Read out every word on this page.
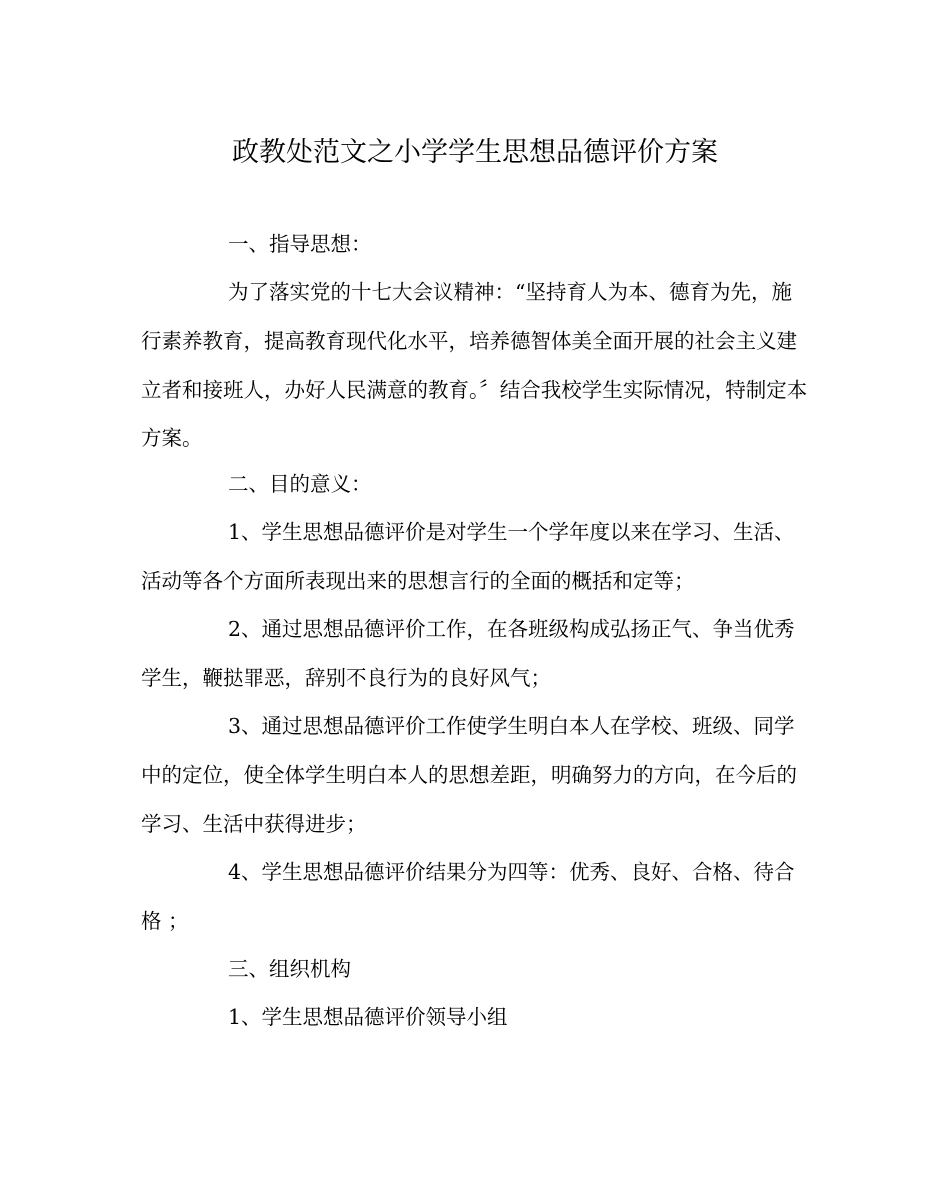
政教处范文之小学学生思想品德评价方案
一、指导思想：
为了落实党的十七大会议精神：“坚持育人为本、德育为先，施行素养教育，提高教育现代化水平，培养德智体美全面开展的社会主义建立者和接班人，办好人民满意的教育。〞结合我校学生实际情况，特制定本方案。
二、目的意义：
1、学生思想品德评价是对学生一个学年度以来在学习、生活、活动等各个方面所表现出来的思想言行的全面的概括和定等；
2、通过思想品德评价工作，在各班级构成弘扬正气、争当优秀学生，鞭挞罪恶，辞别不良行为的良好风气；
3、通过思想品德评价工作使学生明白本人在学校、班级、同学中的定位，使全体学生明白本人的思想差距，明确努力的方向，在今后的学习、生活中获得进步；
4、学生思想品德评价结果分为四等：优秀、良好、合格、待合格 ；
三、组织机构
1、学生思想品德评价领导小组
